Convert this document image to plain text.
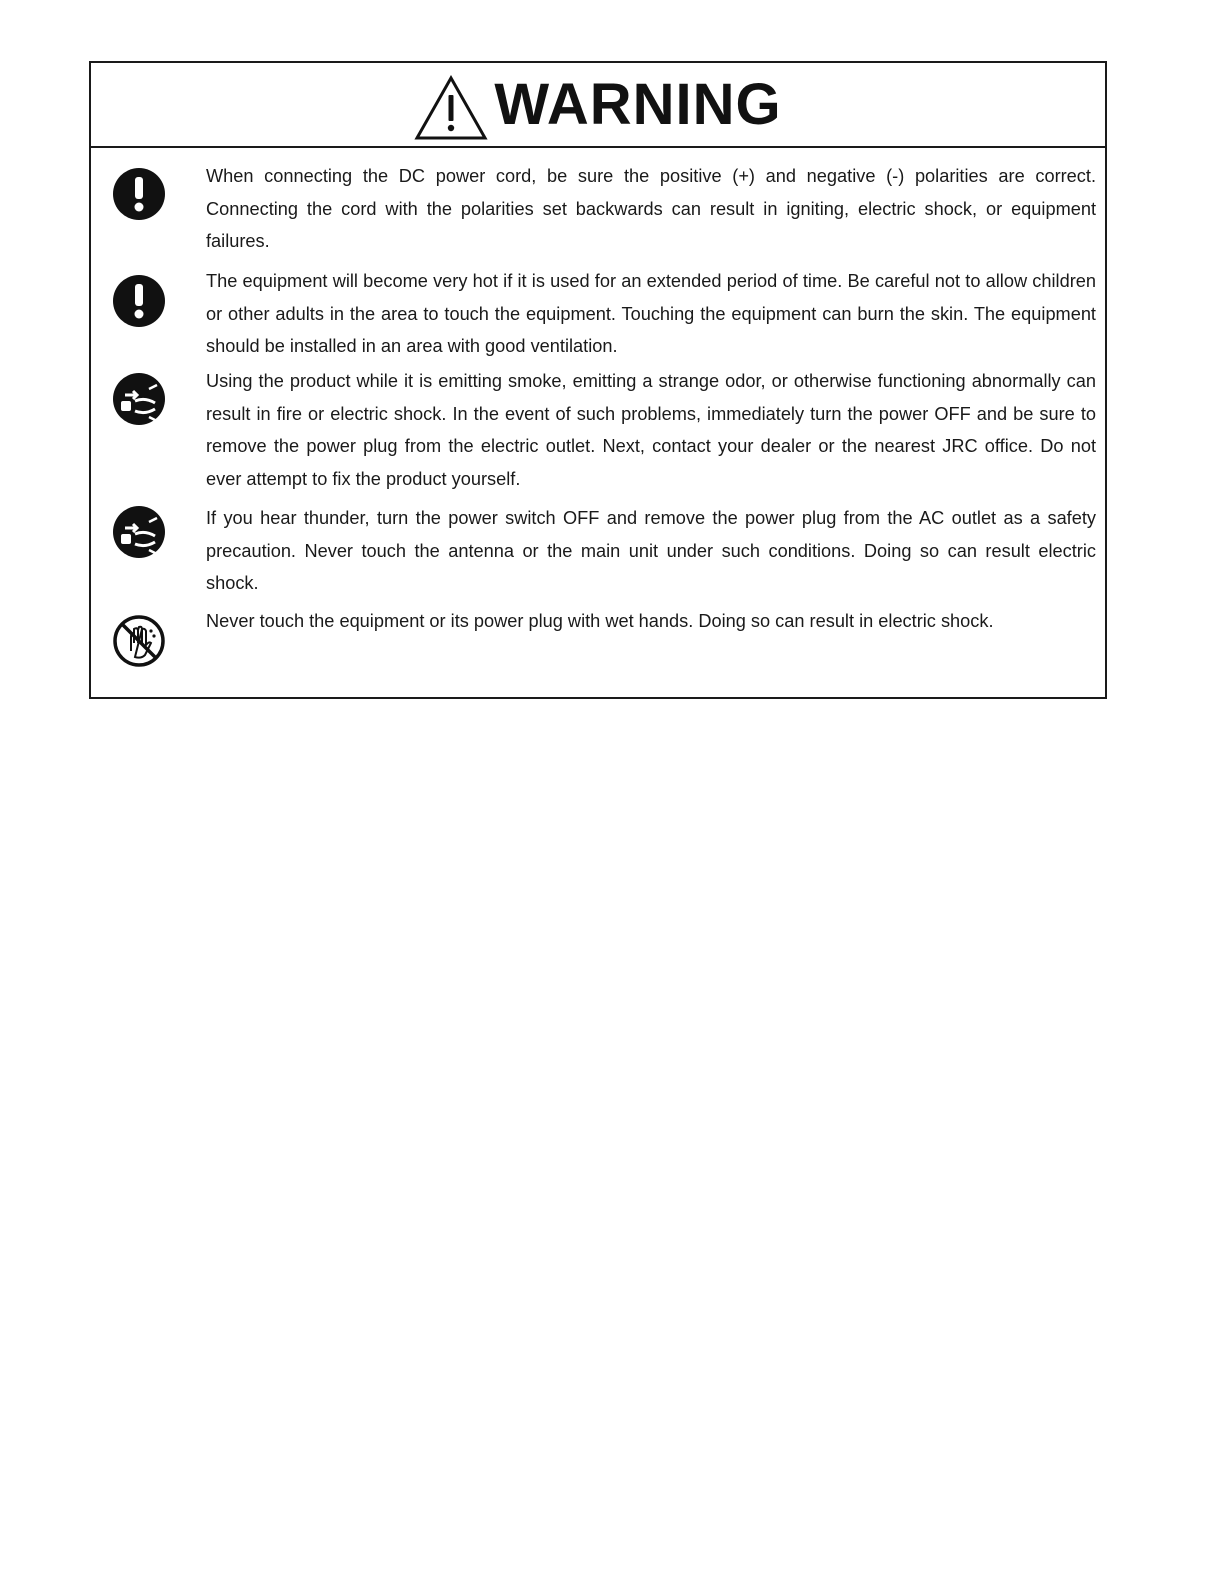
WARNING
When connecting the DC power cord, be sure the positive (+) and negative (-) polarities are correct. Connecting the cord with the polarities set backwards can result in igniting, electric shock, or equipment failures.
The equipment will become very hot if it is used for an extended period of time. Be careful not to allow children or other adults in the area to touch the equipment. Touching the equipment can burn the skin. The equipment should be installed in an area with good ventilation.
Using the product while it is emitting smoke, emitting a strange odor, or otherwise functioning abnormally can result in fire or electric shock. In the event of such problems, immediately turn the power OFF and be sure to remove the power plug from the electric outlet. Next, contact your dealer or the nearest JRC office. Do not ever attempt to fix the product yourself.
If you hear thunder, turn the power switch OFF and remove the power plug from the AC outlet as a safety precaution. Never touch the antenna or the main unit under such conditions. Doing so can result electric shock.
Never touch the equipment or its power plug with wet hands. Doing so can result in electric shock.
